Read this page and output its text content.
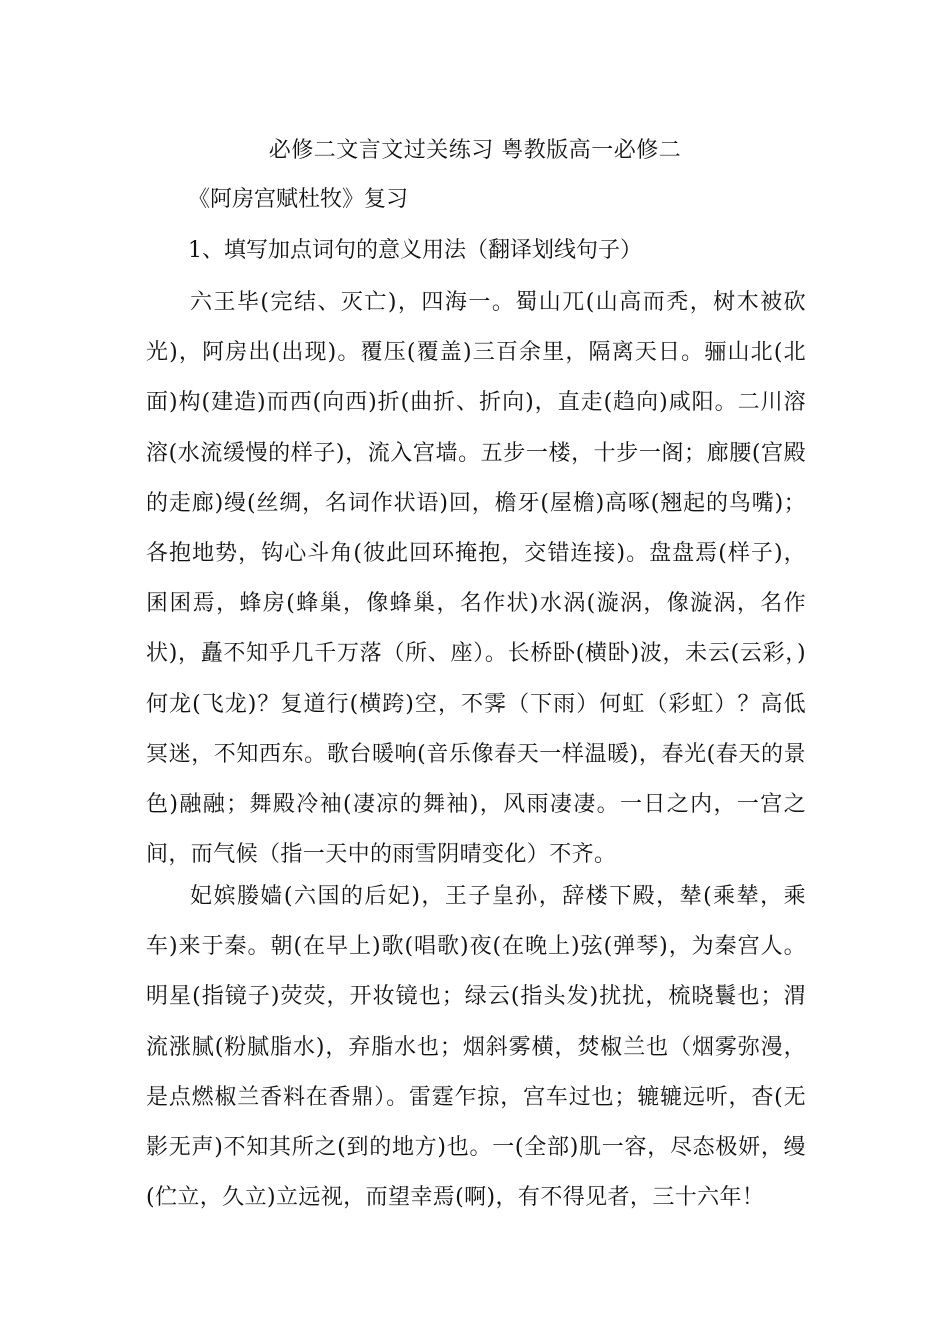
必修二文言文过关练习 粤教版高一必修二

《阿房宫赋杜牧》复习

1、填写加点词句的意义用法（翻译划线句子）

六王毕(完结、灭亡)，四海一。蜀山兀(山高而秃，树木被砍光)，阿房出(出现)。覆压(覆盖)三百余里，隔离天日。骊山北(北面)构(建造)而西(向西)折(曲折、折向)，直走(趋向)咸阳。二川溶溶(水流缓慢的样子)，流入宫墙。五步一楼，十步一阁；廊腰(宫殿的走廊)缦(丝绸，名词作状语)回，檐牙(屋檐)高啄(翘起的鸟嘴)；各抱地势，钩心斗角(彼此回环掩抱，交错连接)。盘盘焉(样子)，囷囷焉，蜂房(蜂巢，像蜂巢，名作状)水涡(漩涡，像漩涡，名作状)，矗不知乎几千万落（所、座）。长桥卧(横卧)波，未云(云彩，)何龙(飞龙)？复道行(横跨)空，不霁（下雨）何虹（彩虹）？高低冥迷，不知西东。歌台暖响(音乐像春天一样温暖)，春光(春天的景色)融融；舞殿冷袖(凄凉的舞袖)，风雨凄凄。一日之内，一宫之间，而气候（指一天中的雨雪阴晴变化）不齐。

妃嫔媵嫱(六国的后妃)，王子皇孙，辞楼下殿，辇(乘辇，乘车)来于秦。朝(在早上)歌(唱歌)夜(在晚上)弦(弹琴)，为秦宫人。明星(指镜子)荧荧，开妆镜也；绿云(指头发)扰扰，梳晓鬟也；渭流涨腻(粉腻脂水)，弃脂水也；烟斜雾横，焚椒兰也（烟雾弥漫，是点燃椒兰香料在香鼎）。雷霆乍掠，宫车过也；辘辘远听，杳(无影无声)不知其所之(到的地方)也。一(全部)肌一容，尽态极妍，缦(伫立，久立)立远视，而望幸焉(啊)，有不得见者，三十六年！
